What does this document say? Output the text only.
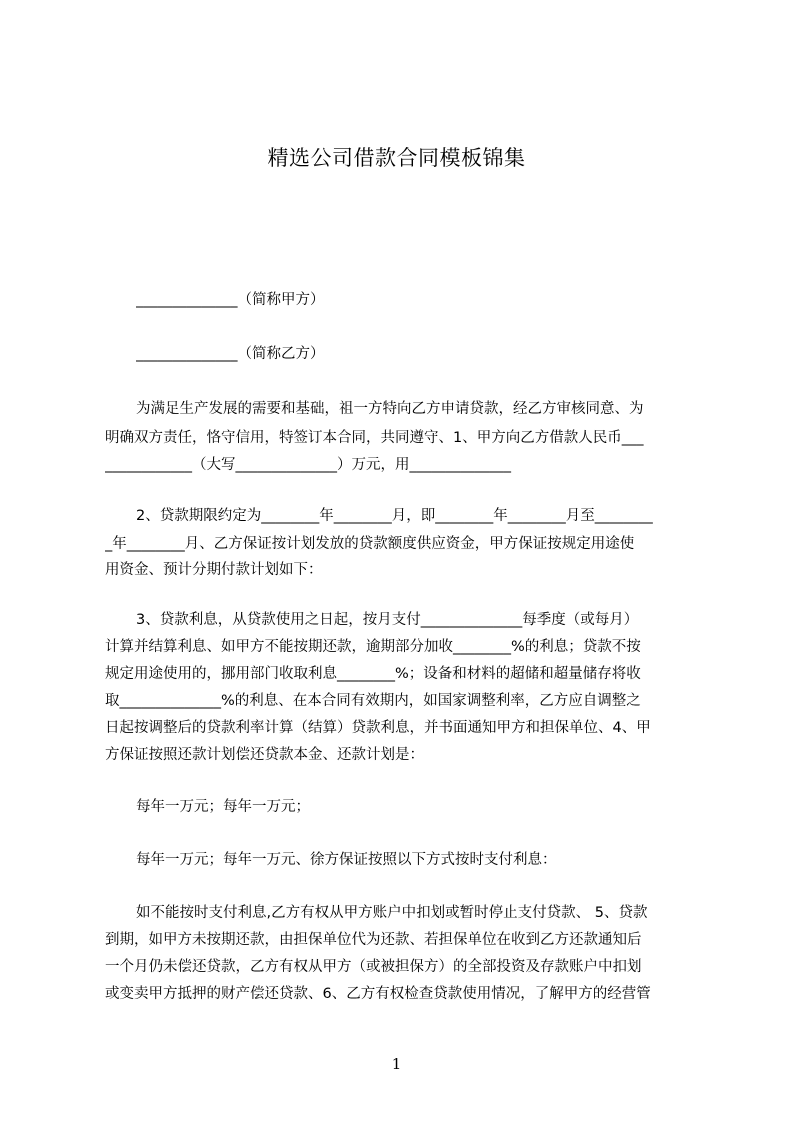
精选公司借款合同模板锦集
______________（简称甲方）
______________（简称乙方）
为满足生产发展的需要和基础，祖一方特向乙方申请贷款，经乙方审核同意、为
明确双方责任，恪守信用，特签订本合同，共同遵守、1、甲方向乙方借款人民币___
____________（大写______________）万元，用______________
2、贷款期限约定为________年________月，即________年________月至________
_年________月、乙方保证按计划发放的贷款额度供应资金，甲方保证按规定用途使
用资金、预计分期付款计划如下：
3、贷款利息，从贷款使用之日起，按月支付______________每季度（或每月）
计算并结算利息、如甲方不能按期还款，逾期部分加收________%的利息；贷款不按
规定用途使用的，挪用部门收取利息________%；设备和材料的超储和超量储存将收
取______________%的利息、在本合同有效期内，如国家调整利率，乙方应自调整之
日起按调整后的贷款利率计算（结算）贷款利息，并书面通知甲方和担保单位、4、甲
方保证按照还款计划偿还贷款本金、还款计划是：
每年一万元；每年一万元；
每年一万元；每年一万元、徐方保证按照以下方式按时支付利息：
如不能按时支付利息,乙方有权从甲方账户中扣划或暂时停止支付贷款、 5、贷款
到期，如甲方未按期还款，由担保单位代为还款、若担保单位在收到乙方还款通知后
一个月仍未偿还贷款，乙方有权从甲方（或被担保方）的全部投资及存款账户中扣划
或变卖甲方抵押的财产偿还贷款、6、乙方有权检查贷款使用情况，了解甲方的经营管
1
